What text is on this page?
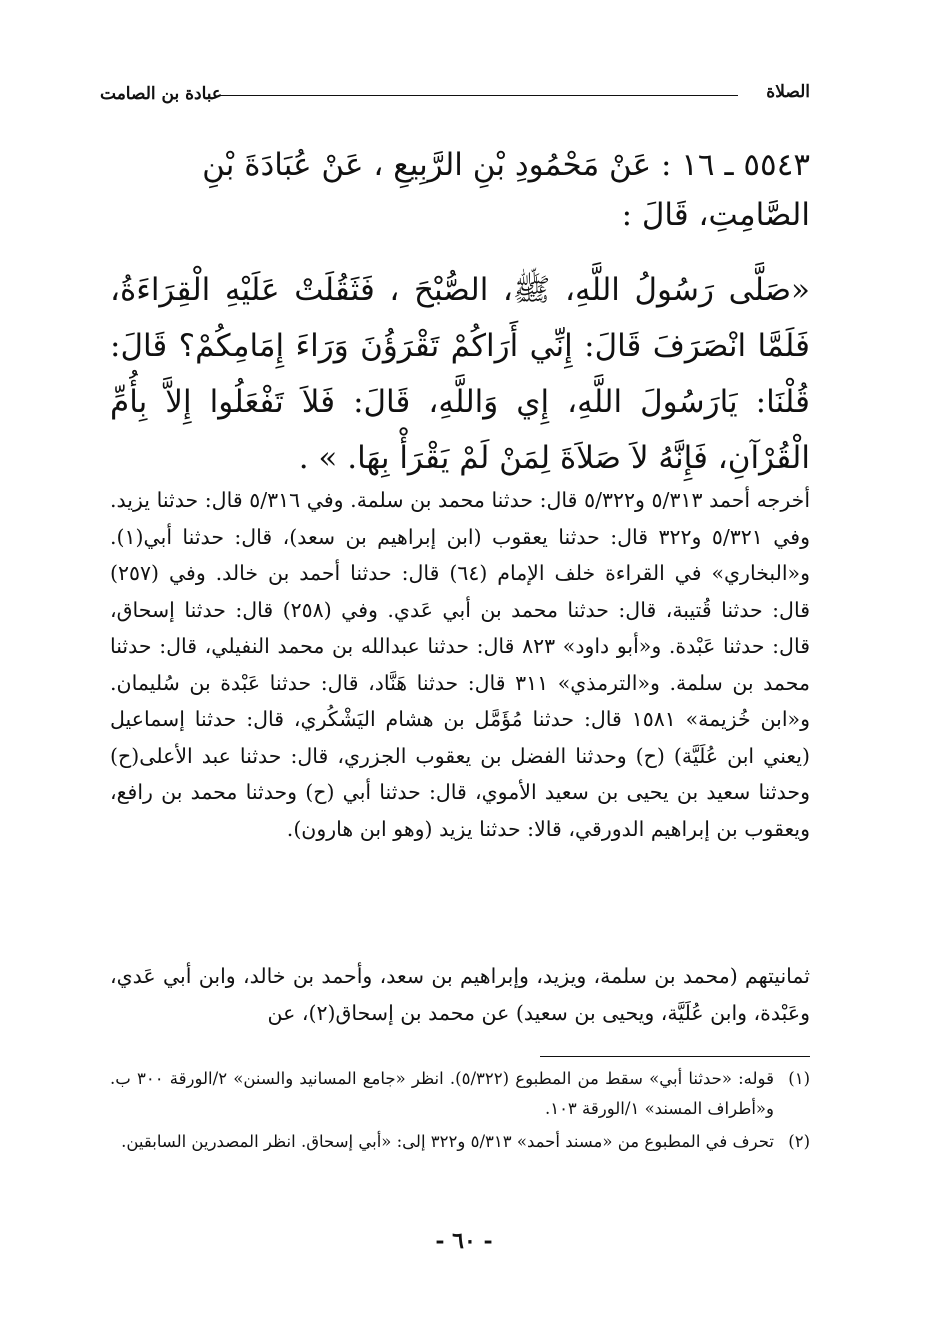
الصلاة
عبادة بن الصامت
٥٥٤٣ ـ ١٦ : عَنْ مَحْمُودِ بْنِ الرَّبِيعِ ، عَنْ عُبَادَةَ بْنِ الصَّامِتِ، قَالَ :
«صَلَّى رَسُولُ اللَّهِ، ﷺ، الصُّبْحَ ، فَثَقُلَتْ عَلَيْهِ الْقِرَاءَةُ، فَلَمَّا انْصَرَفَ قَالَ: إِنِّي أَرَاكُمْ تَقْرَؤُنَ وَرَاءَ إِمَامِكُمْ؟ قَالَ: قُلْنَا: يَارَسُولَ اللَّهِ، إِي وَاللَّهِ، قَالَ: فَلاَ تَفْعَلُوا إِلاَّ بِأُمِّ الْقُرْآنِ، فَإِنَّهُ لاَ صَلاَةَ لِمَنْ لَمْ يَقْرَأْ بِهَا. » .
أخرجه أحمد ٥/٣١٣ و٥/٣٢٢ قال: حدثنا محمد بن سلمة. وفي ٥/٣١٦ قال: حدثنا يزيد. وفي ٥/٣٢١ و٣٢٢ قال: حدثنا يعقوب (ابن إبراهيم بن سعد)، قال: حدثنا أبي(١). و«البخاري» في القراءة خلف الإمام (٦٤) قال: حدثنا أحمد بن خالد. وفي (٢٥٧) قال: حدثنا قُتيبة، قال: حدثنا محمد بن أبي عَدي. وفي (٢٥٨) قال: حدثنا إسحاق، قال: حدثنا عَبْدة. و«أبو داود» ٨٢٣ قال: حدثنا عبدالله بن محمد النفيلي، قال: حدثنا محمد بن سلمة. و«الترمذي» ٣١١ قال: حدثنا هَنَّاد، قال: حدثنا عَبْدة بن سُليمان. و«ابن خُزيمة» ١٥٨١ قال: حدثنا مُؤَمَّل بن هشام اليَشْكُري، قال: حدثنا إسماعيل (يعني ابن عُلَيَّة) (ح) وحدثنا الفضل بن يعقوب الجزري، قال: حدثنا عبد الأعلى(ح) وحدثنا سعيد بن يحيى بن سعيد الأموي، قال: حدثنا أبي (ح) وحدثنا محمد بن رافع، ويعقوب بن إبراهيم الدورقي، قالا: حدثنا يزيد (وهو ابن هارون).
ثمانيتهم (محمد بن سلمة، ويزيد، وإبراهيم بن سعد، وأحمد بن خالد، وابن أبي عَدي، وعَبْدة، وابن عُلَيَّة، ويحيى بن سعيد) عن محمد بن إسحاق(٢)، عن
(١)
قوله: «حدثنا أبي» سقط من المطبوع (٥/٣٢٢). انظر «جامع المسانيد والسنن» ٢/الورقة ٣٠٠ ب. و«أطراف المسند» ١/الورقة ١٠٣.
(٢)
تحرف في المطبوع من «مسند أحمد» ٥/٣١٣ و٣٢٢ إلى: «أبي إسحاق. انظر المصدرين السابقين.
- ٦٠ -
